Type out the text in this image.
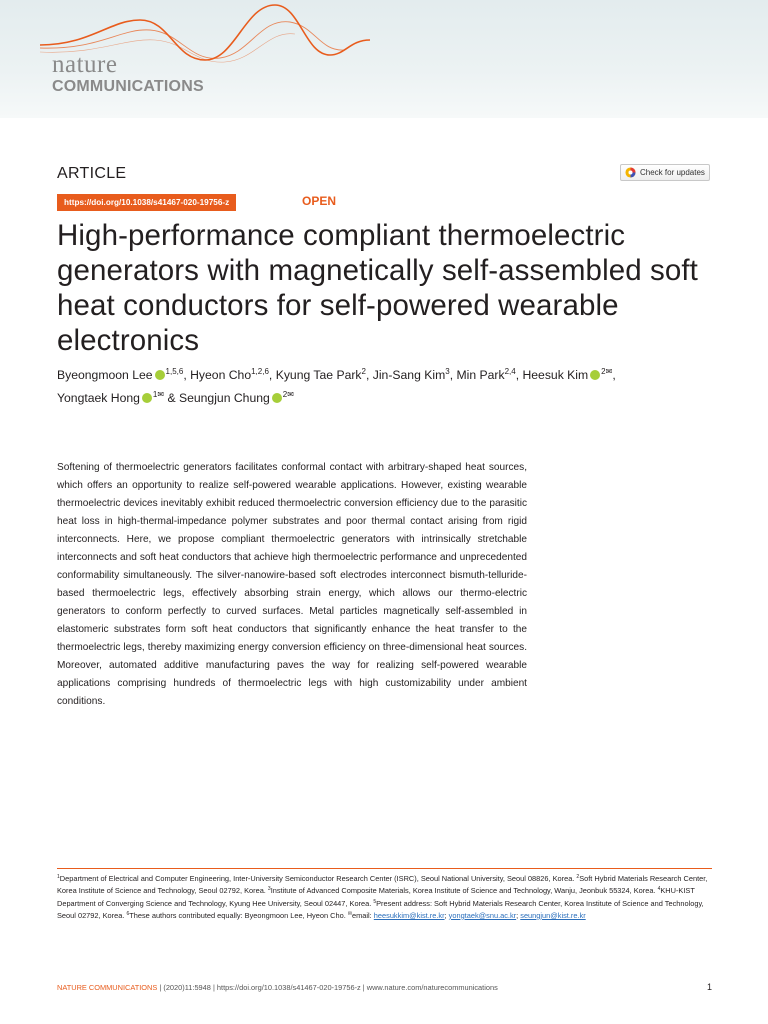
nature
COMMUNICATIONS
ARTICLE	Check for updates
https://doi.org/10.1038/s41467-020-19756-z	OPEN
High-performance compliant thermoelectric generators with magnetically self-assembled soft heat conductors for self-powered wearable electronics
Byeongmoon Lee $^{1,5,6}$, Hyeon Cho$^{1,2,6}$, Kyung Tae Park$^2$, Jin-Sang Kim$^3$, Min Park$^{2,4}$, Heesuk Kim $^{2✉}$, Yongtaek Hong $^{1✉}$ & Seungjun Chung $^{2✉}$

Softening of thermoelectric generators facilitates conformal contact with arbitrary-shaped heat sources, which offers an opportunity to realize self-powered wearable applications. However, existing wearable thermoelectric devices inevitably exhibit reduced thermoelectric conversion efficiency due to the parasitic heat loss in high-thermal-impedance polymer substrates and poor thermal contact arising from rigid interconnects. Here, we propose compliant thermoelectric generators with intrinsically stretchable interconnects and soft heat conductors that achieve high thermoelectric performance and unprecedented conformability simultaneously. The silver-nanowire-based soft electrodes interconnect bismuth-telluride-based thermoelectric legs, effectively absorbing strain energy, which allows our thermo-electric generators to conform perfectly to curved surfaces. Metal particles magnetically self-assembled in elastomeric substrates form soft heat conductors that significantly enhance the heat transfer to the thermoelectric legs, thereby maximizing energy conversion efficiency on three-dimensional heat sources. Moreover, automated additive manufacturing paves the way for realizing self-powered wearable applications comprising hundreds of thermoelectric legs with high customizability under ambient conditions.

$^1$Department of Electrical and Computer Engineering, Inter-University Semiconductor Research Center (ISRC), Seoul National University, Seoul 08826, Korea. $^2$Soft Hybrid Materials Research Center, Korea Institute of Science and Technology, Seoul 02792, Korea. $^3$Institute of Advanced Composite Materials, Korea Institute of Science and Technology, Wanju, Jeonbuk 55324, Korea. $^4$KHU-KIST Department of Converging Science and Technology, Kyung Hee University, Seoul 02447, Korea. $^5$Present address: Soft Hybrid Materials Research Center, Korea Institute of Science and Technology, Seoul 02792, Korea. $^6$These authors contributed equally: Byeongmoon Lee, Hyeon Cho. ✉email: heesukkim@kist.re.kr; yongtaek@snu.ac.kr; seungjun@kist.re.kr
NATURE COMMUNICATIONS | (2020)11:5948 | https://doi.org/10.1038/s41467-020-19756-z | www.nature.com/naturecommunications	1
